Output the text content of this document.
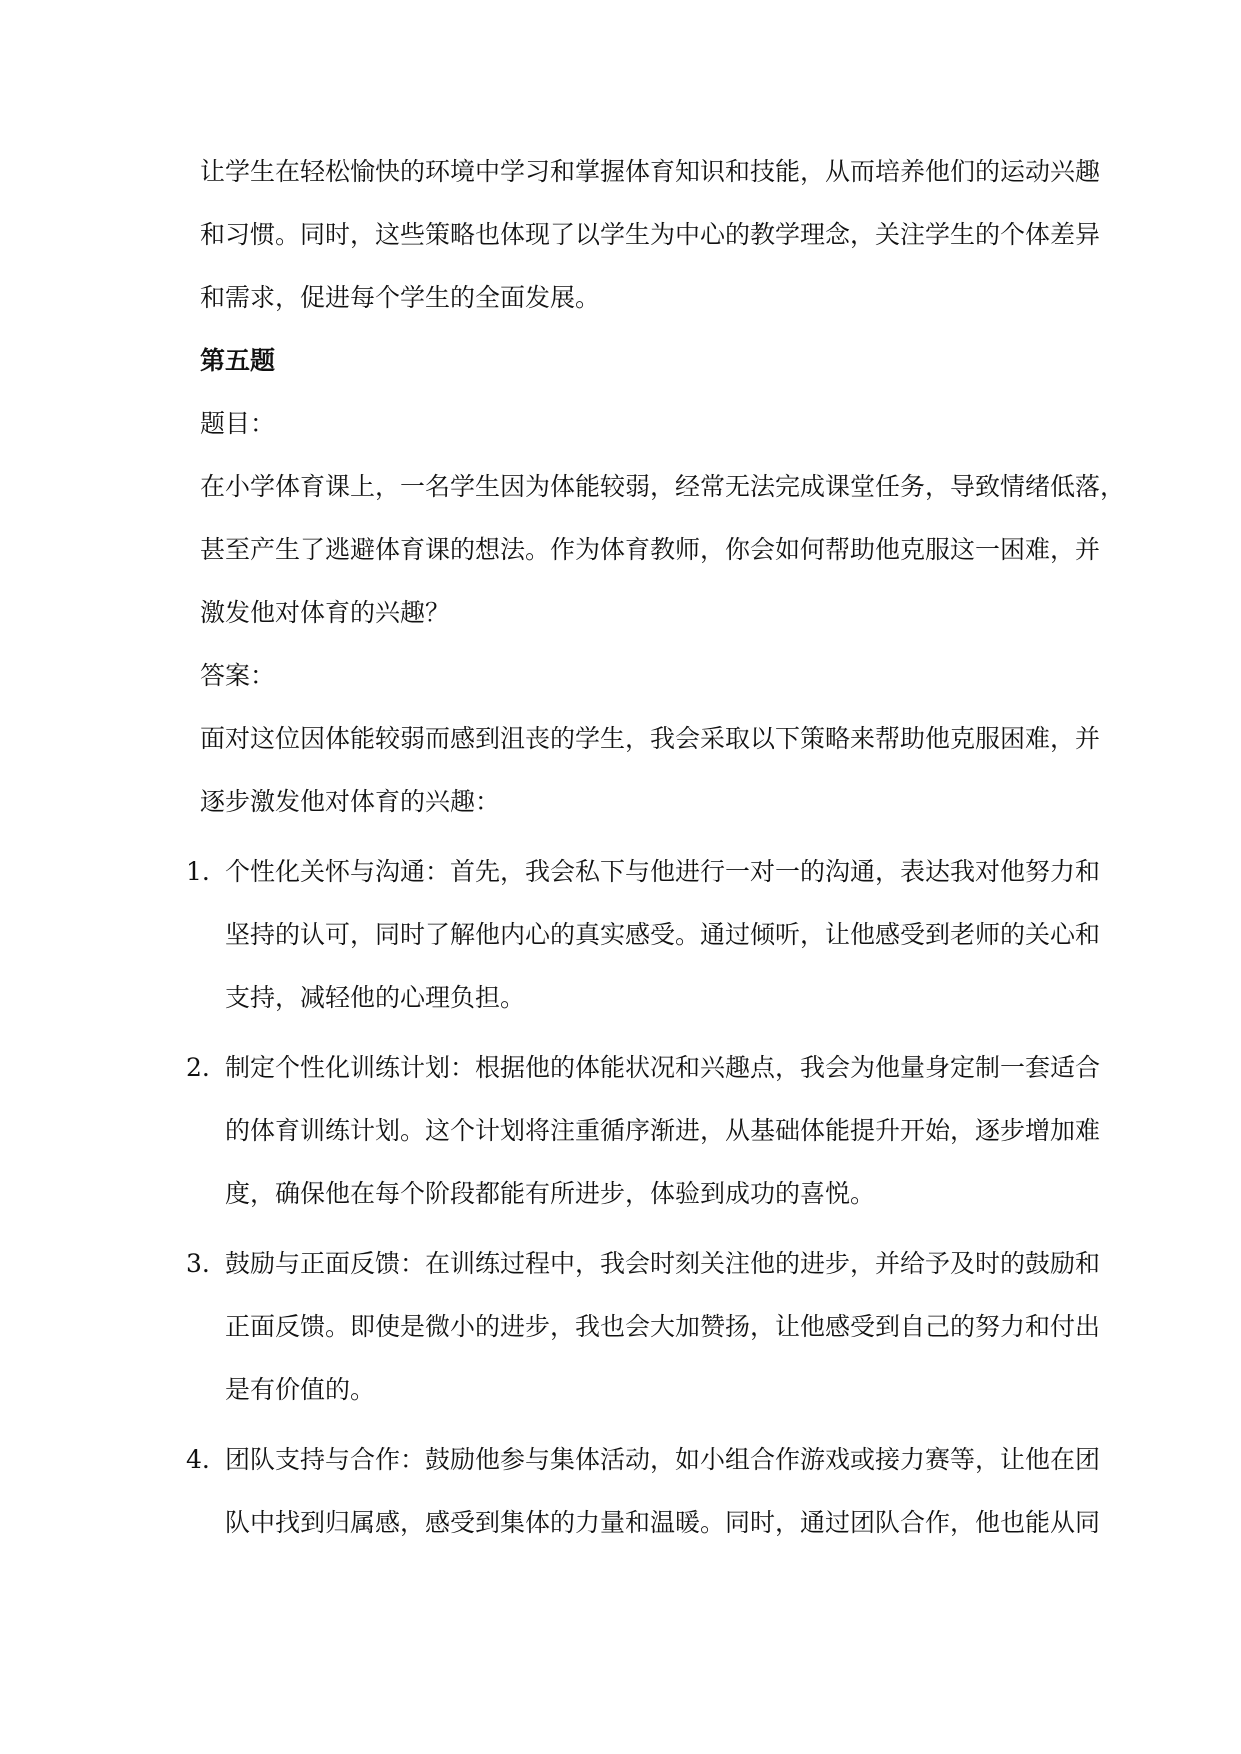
让学生在轻松愉快的环境中学习和掌握体育知识和技能，从而培养他们的运动兴趣
和习惯。同时，这些策略也体现了以学生为中心的教学理念，关注学生的个体差异
和需求，促进每个学生的全面发展。
第五题
题目：
在小学体育课上，一名学生因为体能较弱，经常无法完成课堂任务，导致情绪低落，
甚至产生了逃避体育课的想法。作为体育教师，你会如何帮助他克服这一困难，并
激发他对体育的兴趣？
答案：
面对这位因体能较弱而感到沮丧的学生，我会采取以下策略来帮助他克服困难，并
逐步激发他对体育的兴趣：
1. 个性化关怀与沟通：首先，我会私下与他进行一对一的沟通，表达我对他努力和
坚持的认可，同时了解他内心的真实感受。通过倾听，让他感受到老师的关心和
支持，减轻他的心理负担。
2. 制定个性化训练计划：根据他的体能状况和兴趣点，我会为他量身定制一套适合
的体育训练计划。这个计划将注重循序渐进，从基础体能提升开始，逐步增加难
度，确保他在每个阶段都能有所进步，体验到成功的喜悦。
3. 鼓励与正面反馈：在训练过程中，我会时刻关注他的进步，并给予及时的鼓励和
正面反馈。即使是微小的进步，我也会大加赞扬，让他感受到自己的努力和付出
是有价值的。
4. 团队支持与合作：鼓励他参与集体活动，如小组合作游戏或接力赛等，让他在团
队中找到归属感，感受到集体的力量和温暖。同时，通过团队合作，他也能从同
